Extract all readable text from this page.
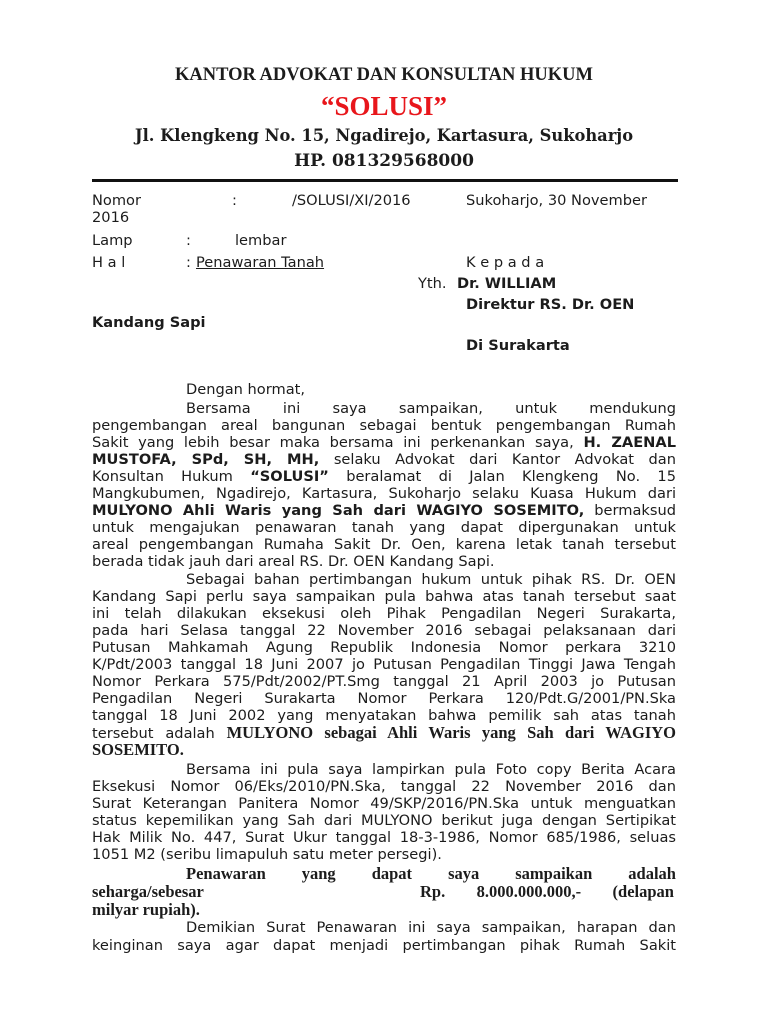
KANTOR ADVOKAT DAN KONSULTAN HUKUM
“SOLUSI”
Jl. Klengkeng No. 15, Ngadirejo, Kartasura, Sukoharjo
HP. 081329568000
Nomor	:	/SOLUSI/XI/2016	Sukoharjo, 30 November
2016
Lamp	:	lembar
H a l	: Penawaran Tanah	K e p a d a
Yth. Dr. WILLIAM
Direktur RS. Dr. OEN
Kandang Sapi
Di Surakarta
Dengan hormat,
Bersama ini saya sampaikan, untuk mendukung
pengembangan areal bangunan sebagai bentuk pengembangan Rumah
Sakit yang lebih besar maka bersama ini perkenankan saya, H. ZAENAL
MUSTOFA, SPd, SH, MH, selaku Advokat dari Kantor Advokat dan
Konsultan Hukum “SOLUSI” beralamat di Jalan Klengkeng No. 15
Mangkubumen, Ngadirejo, Kartasura, Sukoharjo selaku Kuasa Hukum dari
MULYONO Ahli Waris yang Sah dari WAGIYO SOSEMITO, bermaksud
untuk mengajukan penawaran tanah yang dapat dipergunakan untuk
areal pengembangan Rumaha Sakit Dr. Oen, karena letak tanah tersebut
berada tidak jauh dari areal RS. Dr. OEN Kandang Sapi.
Sebagai bahan pertimbangan hukum untuk pihak RS. Dr. OEN
Kandang Sapi perlu saya sampaikan pula bahwa atas tanah tersebut saat
ini telah dilakukan eksekusi oleh Pihak Pengadilan Negeri Surakarta,
pada hari Selasa tanggal 22 November 2016 sebagai pelaksanaan dari
Putusan Mahkamah Agung Republik Indonesia Nomor perkara 3210
K/Pdt/2003 tanggal 18 Juni 2007 jo Putusan Pengadilan Tinggi Jawa Tengah
Nomor Perkara 575/Pdt/2002/PT.Smg tanggal 21 April 2003 jo Putusan
Pengadilan Negeri Surakarta Nomor Perkara 120/Pdt.G/2001/PN.Ska
tanggal 18 Juni 2002 yang menyatakan bahwa pemilik sah atas tanah
tersebut adalah MULYONO sebagai Ahli Waris yang Sah dari WAGIYO
SOSEMITO.
Bersama ini pula saya lampirkan pula Foto copy Berita Acara
Eksekusi Nomor 06/Eks/2010/PN.Ska, tanggal 22 November 2016 dan
Surat Keterangan Panitera Nomor 49/SKP/2016/PN.Ska untuk menguatkan
status kepemilikan yang Sah dari MULYONO berikut juga dengan Sertipikat
Hak Milik No. 447, Surat Ukur tanggal 18-3-1986, Nomor 685/1986, seluas
1051 M2 (seribu limapuluh satu meter persegi).
Penawaran yang dapat saya sampaikan adalah
seharga/sebesar	Rp. 8.000.000.000,- (delapan
milyar rupiah).
Demikian Surat Penawaran ini saya sampaikan, harapan dan
keinginan saya agar dapat menjadi pertimbangan pihak Rumah Sakit
